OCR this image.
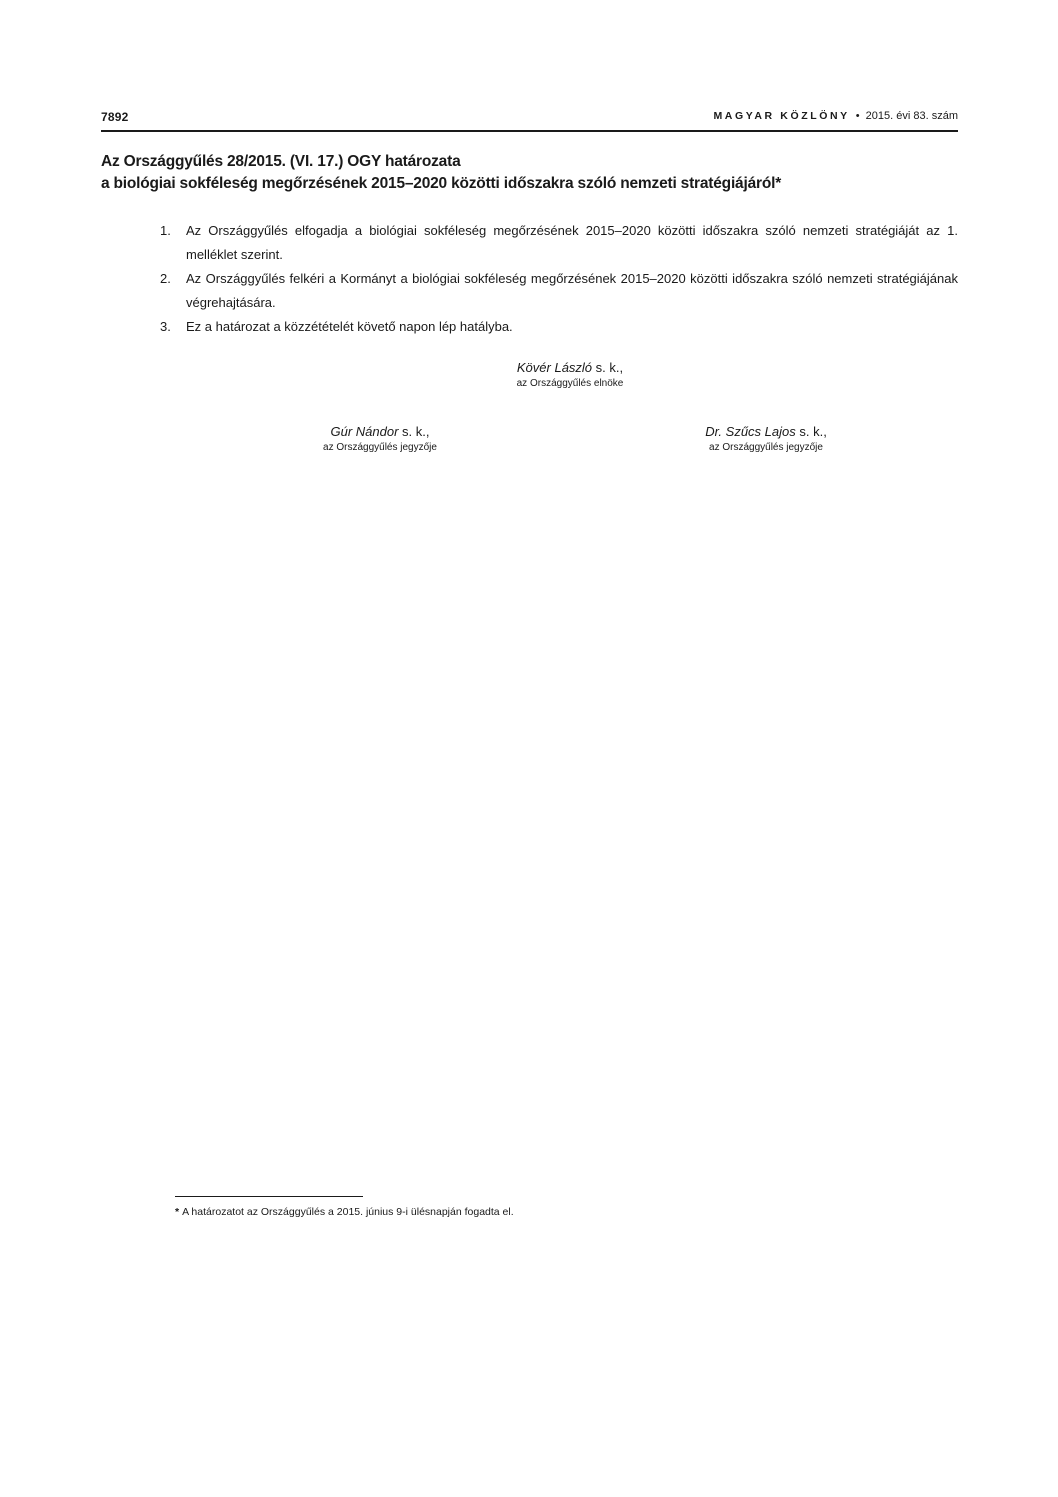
7892	MAGYAR KÖZLÖNY • 2015. évi 83. szám
Az Országgyűlés 28/2015. (VI. 17.) OGY határozata
a biológiai sokféleség megőrzésének 2015–2020 közötti időszakra szóló nemzeti stratégiájáról*
1. Az Országgyűlés elfogadja a biológiai sokféleség megőrzésének 2015–2020 közötti időszakra szóló nemzeti stratégiáját az 1. melléklet szerint.
2. Az Országgyűlés felkéri a Kormányt a biológiai sokféleség megőrzésének 2015–2020 közötti időszakra szóló nemzeti stratégiájának végrehajtására.
3. Ez a határozat a közzétételét követő napon lép hatályba.
Kövér László s. k.,
az Országgyűlés elnöke
Gúr Nándor s. k.,
az Országgyűlés jegyzője
Dr. Szűcs Lajos s. k.,
az Országgyűlés jegyzője
* A határozatot az Országgyűlés a 2015. június 9-i ülésnapján fogadta el.
